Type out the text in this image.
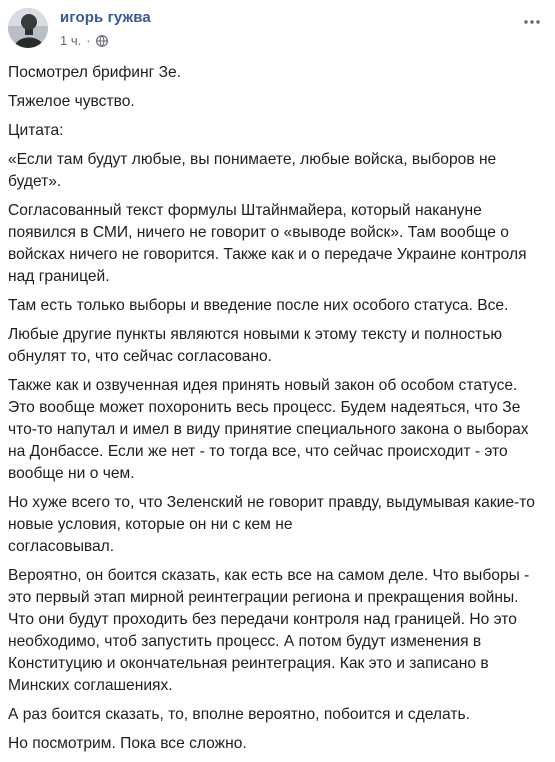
игорь гужва
1 ч. ·

Посмотрел брифинг Зе.

Тяжелое чувство.

Цитата:

«Если там будут любые, вы понимаете, любые войска, выборов не
будет».

Согласованный текст формулы Штайнмайера, который накануне
появился в СМИ, ничего не говорит о «выводе войск». Там вообще о
войсках ничего не говорится. Также как и о передаче Украине контроля
над границей.

Там есть только выборы и введение после них особого статуса. Все.

Любые другие пункты являются новыми к этому тексту и полностью
обнулят то, что сейчас согласовано.

Также как и озвученная идея принять новый закон об особом статусе.
Это вообще может похоронить весь процесс. Будем надеяться, что Зе
что-то напутал и имел в виду принятие специального закона о выборах
на Донбассе. Если же нет - то тогда все, что сейчас происходит - это
вообще ни о чем.

Но хуже всего то, что Зеленский не говорит правду, выдумывая какие-то
новые условия, которые он ни с кем не
согласовывал.

Вероятно, он боится сказать, как есть все на самом деле. Что выборы -
это первый этап мирной реинтеграции региона и прекращения войны.
Что они будут проходить без передачи контроля над границей. Но это
необходимо, чтоб запустить процесс. А потом будут изменения в
Конституцию и окончательная реинтеграция. Как это и записано в
Минских соглашениях.

А раз боится сказать, то, вполне вероятно, побоится и сделать.

Но посмотрим. Пока все сложно.
